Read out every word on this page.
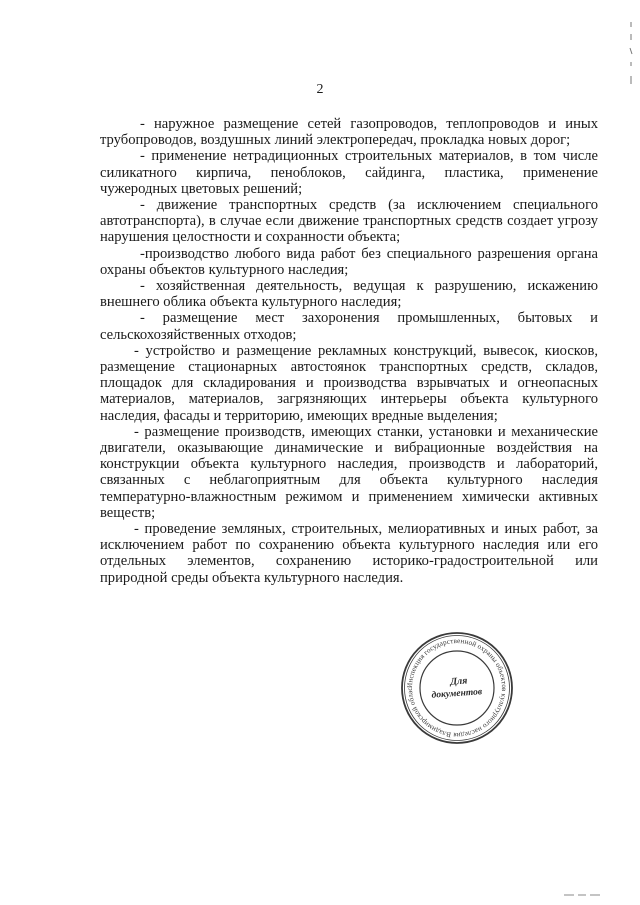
2

- наружное размещение сетей газопроводов, теплопроводов и иных
трубопроводов, воздушных линий электропередач, прокладка новых дорог;

- применение нетрадиционных строительных материалов, в том числе
силикатного кирпича, пеноблоков, сайдинга, пластика, применение
чужеродных цветовых решений;

- движение транспортных средств (за исключением специального
автотранспорта), в случае если движение транспортных средств создает угрозу
нарушения целостности и сохранности объекта;

-производство любого вида работ без специального разрешения органа
охраны объектов культурного наследия;

- хозяйственная деятельность, ведущая к разрушению, искажению
внешнего облика объекта культурного наследия;

- размещение мест захоронения промышленных, бытовых и
сельскохозяйственных отходов;

- устройство и размещение рекламных конструкций, вывесок, киосков,
размещение стационарных автостоянок транспортных средств, складов,
площадок для складирования и производства взрывчатых и огнеопасных
материалов, материалов, загрязняющих интерьеры объекта культурного
наследия, фасады и территорию, имеющих вредные выделения;

- размещение производств, имеющих станки, установки и механические
двигатели, оказывающие динамические и вибрационные воздействия на
конструкции объекта культурного наследия, производств и лабораторий,
связанных с неблагоприятным для объекта культурного наследия
температурно-влажностным режимом и применением химически активных
веществ;

- проведение земляных, строительных, мелиоративных и иных работ, за
исключением работ по сохранению объекта культурного наследия или его
отдельных элементов, сохранению историко-градостроительной или
природной среды объекта культурного наследия.

Инспекция государственной охраны объектов культурного наследия Владимирской облас
Для
документов
